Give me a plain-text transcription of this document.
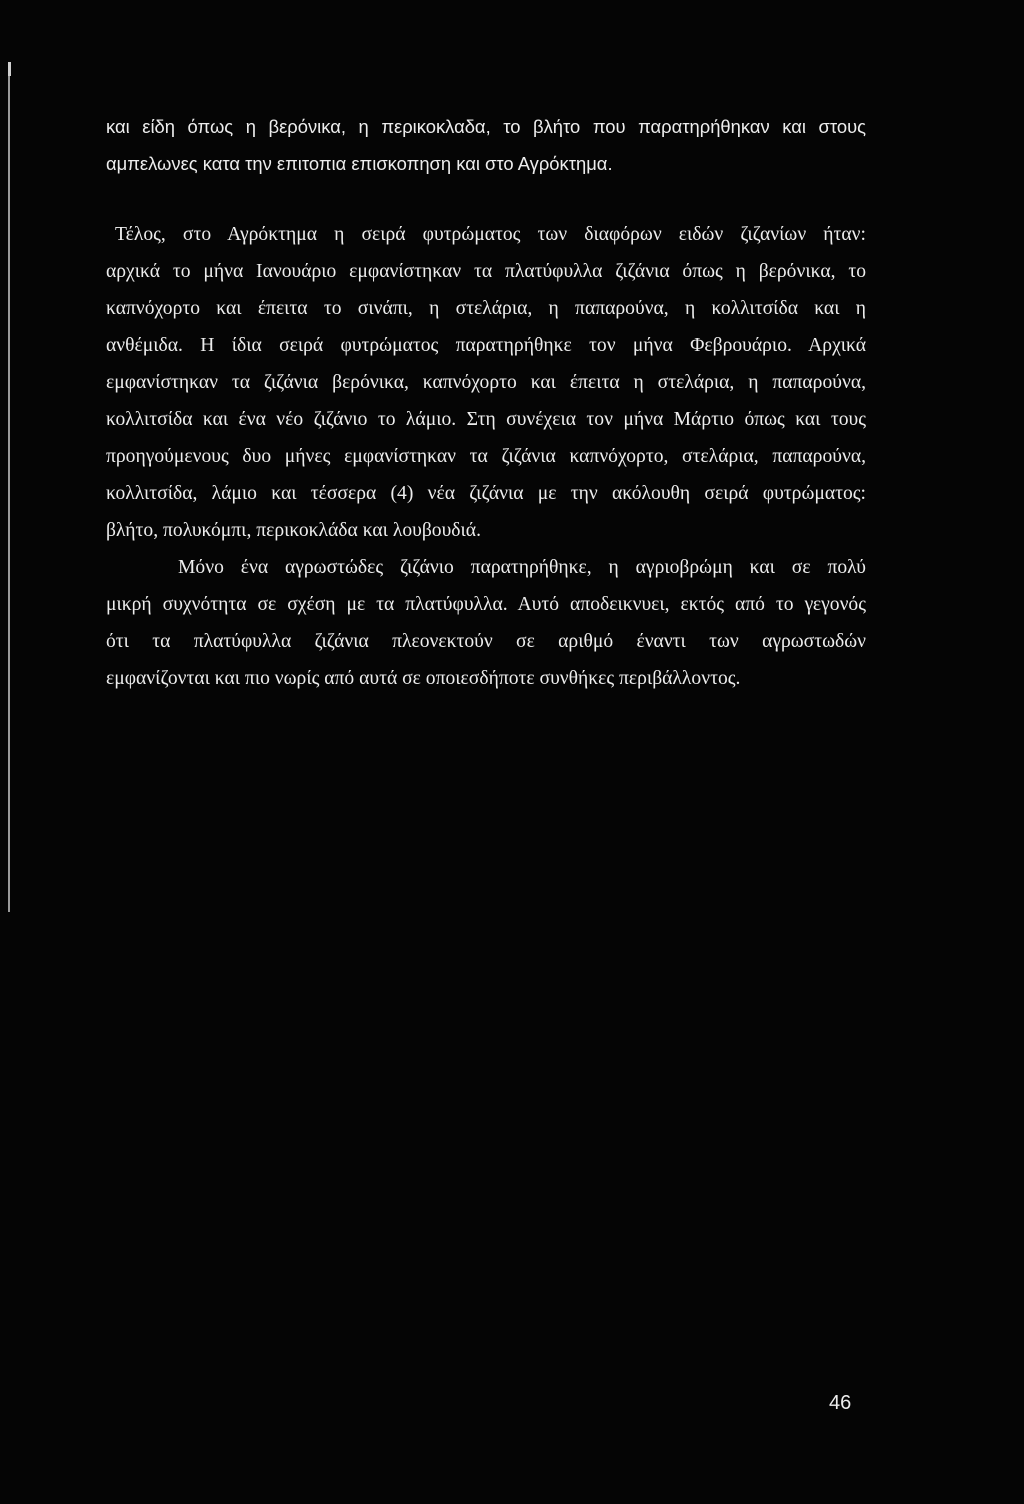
και είδη όπως η βερόνικα, η περικοκλαδα, το βλήτο που παρατηρήθηκαν και στους
αμπελωνες κατα την επιτοπια επισκοπηση και στο Αγρόκτημα.
Τέλος, στο Αγρόκτημα η σειρά φυτρώματος των διαφόρων ειδών ζιζανίων ήταν:
αρχικά το μήνα Ιανουάριο εμφανίστηκαν τα πλατύφυλλα ζιζάνια όπως η βερόνικα, το
καπνόχορτο και έπειτα το σινάπι, η στελάρια, η παπαρούνα, η κολλιτσίδα και η
ανθέμιδα. Η ίδια σειρά φυτρώματος παρατηρήθηκε τον μήνα Φεβρουάριο. Αρχικά
εμφανίστηκαν τα ζιζάνια βερόνικα, καπνόχορτο και έπειτα η στελάρια, η παπαρούνα,
κολλιτσίδα και ένα νέο ζιζάνιο το λάμιο. Στη συνέχεια τον μήνα Μάρτιο όπως και τους
προηγούμενους δυο μήνες εμφανίστηκαν τα ζιζάνια καπνόχορτο, στελάρια, παπαρούνα,
κολλιτσίδα, λάμιο και τέσσερα (4) νέα ζιζάνια με την ακόλουθη σειρά φυτρώματος:
βλήτο, πολυκόμπι, περικοκλάδα και λουβουδιά.
Μόνο ένα αγρωστώδες ζιζάνιο παρατηρήθηκε, η αγριοβρώμη και σε πολύ
μικρή συχνότητα σε σχέση με τα πλατύφυλλα. Αυτό αποδεικνυει, εκτός από το γεγονός
ότι τα πλατύφυλλα ζιζάνια πλεονεκτούν σε αριθμό έναντι των αγρωστωδών
εμφανίζονται και πιο νωρίς από αυτά σε οποιεσδήποτε συνθήκες περιβάλλοντος.
46
